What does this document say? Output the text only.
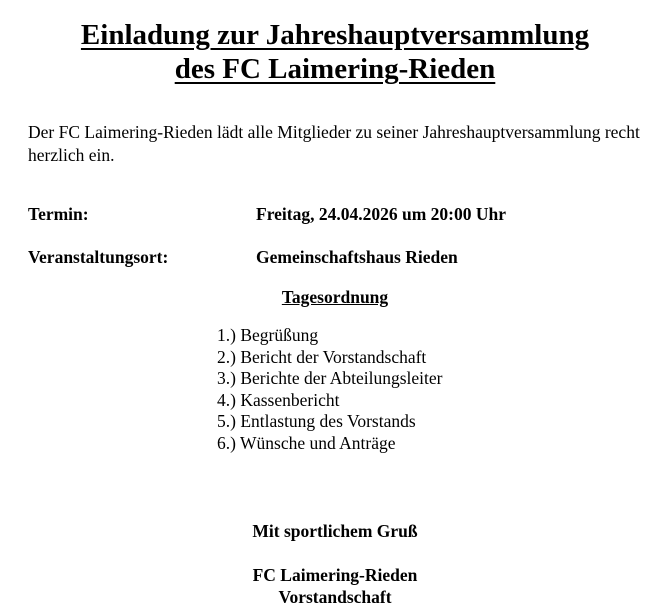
Einladung zur Jahreshauptversammlung
des FC Laimering-Rieden

Der FC Laimering-Rieden lädt alle Mitglieder zu seiner Jahreshauptversammlung recht herzlich ein.

Termin:	Freitag, 24.04.2026 um 20:00 Uhr
Veranstaltungsort:	Gemeinschaftshaus Rieden
Tagesordnung
1.) Begrüßung
2.) Bericht der Vorstandschaft
3.) Berichte der Abteilungsleiter
4.) Kassenbericht
5.) Entlastung des Vorstands
6.) Wünsche und Anträge
Mit sportlichem Gruß
FC Laimering-Rieden
Vorstandschaft
